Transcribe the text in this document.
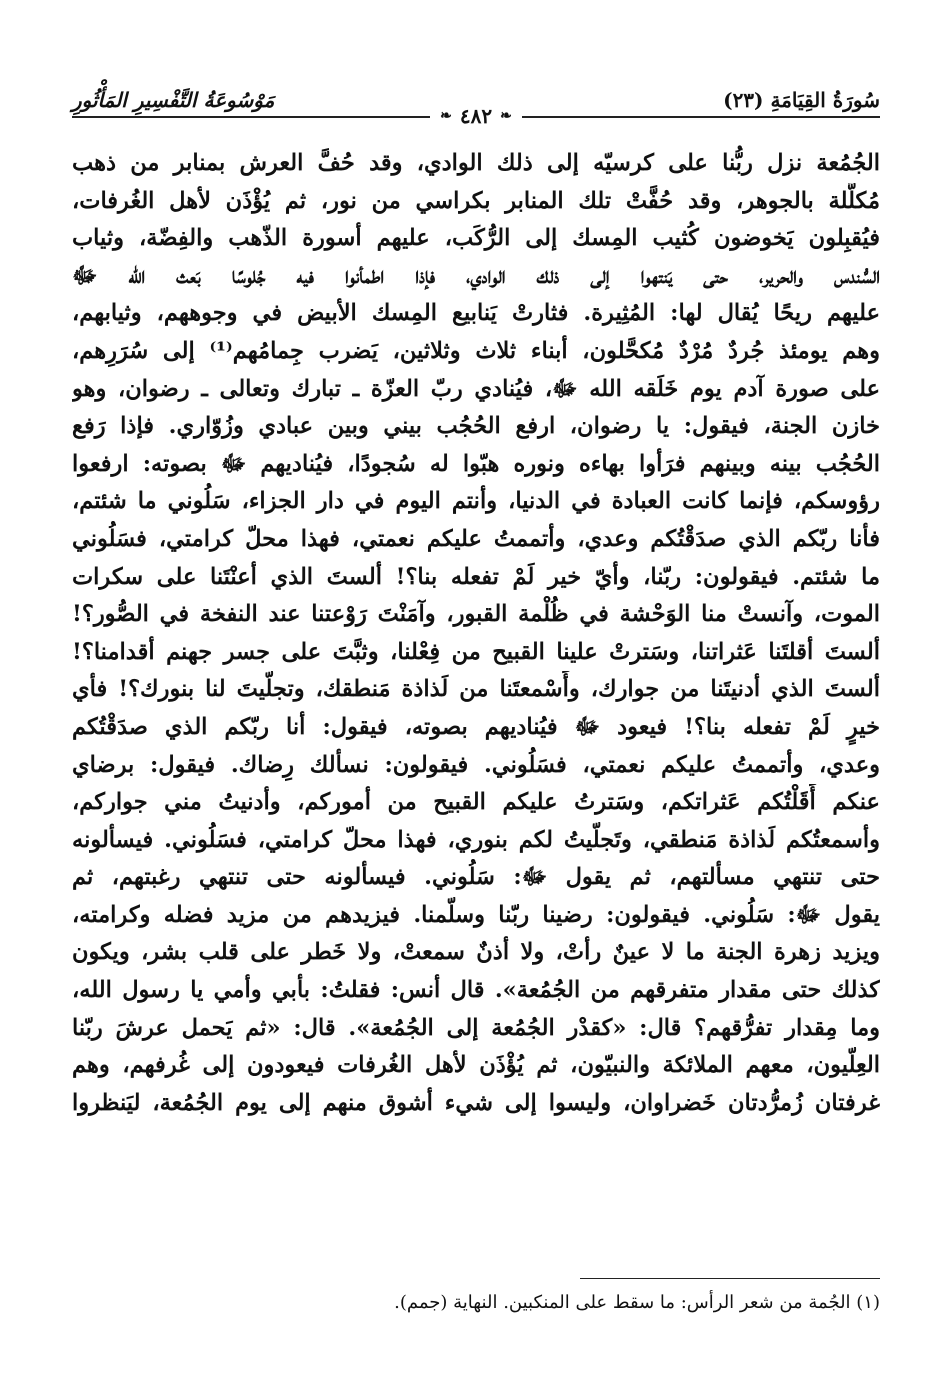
سُورَةُ القِيَامَةِ (٢٣)
مَوْسُوعَةُ التَّفْسِيرِ المَأْثُورِ
❧
٤٨٢
❧
الجُمُعة نزل ربُّنا على كرسيّه إلى ذلك الوادي، وقد حُفَّ العرش بمنابر من ذهب
مُكلَّلة بالجوهر، وقد حُفَّتْ تلك المنابر بكراسي من نور، ثم يُؤْذَن لأهل الغُرفات،
فيُقبِلون يَخوضون كُثيب المِسك إلى الرُّكَب، عليهم أسورة الذّهب والفِضّة، وثياب
السُّندس والحرير، حتى يَنتهوا إلى ذلك الوادي، فإذا اطمأنوا فيه جُلوسًا بَعث الله ﷻ
عليهم ريحًا يُقال لها: المُثِيرة. فثارتْ يَنابيع المِسك الأبيض في وجوههم، وثيابهم،
وهم يومئذ جُردٌ مُرْدٌ مُكحَّلون، أبناء ثلاث وثلاثين، يَضرب جِمامُهم⁽¹⁾ إلى سُرَرِهم،
على صورة آدم يوم خَلَقه الله ﷻ، فيُنادي ربّ العزّة ـ تبارك وتعالى ـ رضوان، وهو
خازن الجنة، فيقول: يا رضوان، ارفع الحُجُب بيني وبين عبادي وزُوّاري. فإذا رَفع
الحُجُب بينه وبينهم فرَأوا بهاءه ونوره هبّوا له سُجودًا، فيُناديهم ﷻ بصوته: ارفعوا
رؤوسكم، فإنما كانت العبادة في الدنيا، وأنتم اليوم في دار الجزاء، سَلُوني ما شئتم،
فأنا ربّكم الذي صدَقْتُكم وعدي، وأتممتُ عليكم نعمتي، فهذا محلّ كرامتي، فسَلُوني
ما شئتم. فيقولون: ربّنا، وأيّ خير لَمْ تفعله بنا؟! ألستَ الذي أعنْتَنا على سكرات
الموت، وآنستْ منا الوَحْشة في ظُلْمة القبور، وآمَنْتَ رَوْعتنا عند النفخة في الصُّور؟!
ألستَ أقلتَنا عَثراتنا، وسَترتْ علينا القبيح من فِعْلنا، وثبَّتَ على جسر جهنم أقدامنا؟!
ألستَ الذي أدنيتَنا من جوارك، وأَسْمعتَنا من لَذاذة مَنطقك، وتجلّيتَ لنا بنورك؟! فأي
خيرٍ لَمْ تفعله بنا؟! فيعود ﷻ فيُناديهم بصوته، فيقول: أنا ربّكم الذي صدَقْتُكم
وعدي، وأتممتُ عليكم نعمتي، فسَلُوني. فيقولون: نسألك رِضاك. فيقول: برضاي
عنكم أَقَلْتُكم عَثراتكم، وسَترتُ عليكم القبيح من أموركم، وأدنيتُ مني جواركم،
وأسمعتُكم لَذاذة مَنطقي، وتَجلّيتُ لكم بنوري، فهذا محلّ كرامتي، فسَلُوني. فيسألونه
حتى تنتهي مسألتهم، ثم يقول ﷻ: سَلُوني. فيسألونه حتى تنتهي رغبتهم، ثم
يقول ﷻ: سَلُوني. فيقولون: رضينا ربّنا وسلّمنا. فيزيدهم من مزيد فضله وكرامته،
ويزيد زهرة الجنة ما لا عينٌ رأتْ، ولا أذنٌ سمعتْ، ولا خَطر على قلب بشر، ويكون
كذلك حتى مقدار متفرقهم من الجُمُعة». قال أنس: فقلتُ: بأبي وأمي يا رسول الله،
وما مِقدار تفرُّقهم؟ قال: «كقدْر الجُمُعة إلى الجُمُعة». قال: «ثم يَحمل عرشَ ربّنا
العِلّيون، معهم الملائكة والنبيّون، ثم يُؤْذَن لأهل الغُرفات فيعودون إلى غُرفهم، وهم
غرفتان زُمرُّدتان خَضراوان، وليسوا إلى شيء أشوق منهم إلى يوم الجُمُعة، ليَنظروا
(١) الجُمة من شعر الرأس: ما سقط على المنكبين. النهاية (جمم).
